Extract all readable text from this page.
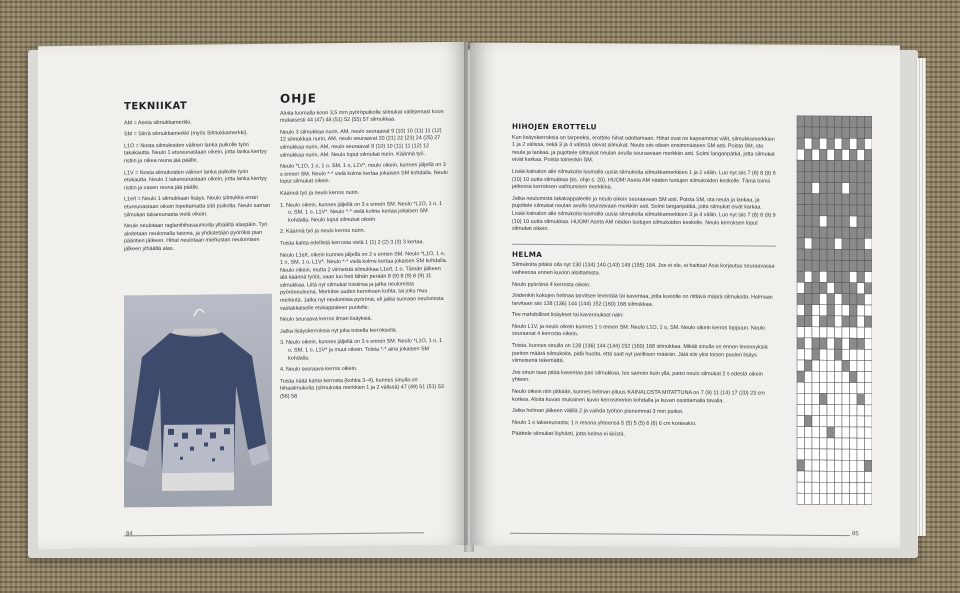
TEKNIIKAT

AM = Aseta silmukkamerkki.

SM = Siirrä silmukkamerkki (myös Silmukkamerkki).

L1O = Nosta silmukoiden välinen lanka puikolle työn takakautta. Neulo 1 etureunastaan oikein, jotta lanka kiertyy ristiin ja oikea reuna jää päälle.

L1V = Nosta silmukoiden välinen lanka puikolle työn etukautta. Neulo 1 takareunastaan oikein, jotta lanka kiertyy ristiin ja vasen reuna jää päälle.

L1e/t = Neulo 1 silmukkaan lisäys. Neulo silmukka ensin etureunastaan oikein lopettamatta sitä puikolta. Neulo saman silmukan takareunasta vielä oikein.

Neule neulotaan raglanihihasaumoilla ylhäältä alaspäin. Työ aloitetaan neulomalla tasona, ja yhdistetään pyöröksi pian pääntien jälkeen. Hihat neulotaan miehustan neulomisen jälkeen ylhäältä alas.

OHJE

Aloita luomalla koon 3,5 mm pyöröpuikolle silmukat valitsemasi koon mukaisesti 44 (47) 48 (51) 52 (55) 57 silmukkaa.

Neulo 3 silmukkaa nurin, AM, neulo seuraavat 9 (10) 10 (11) 11 (12) 12 silmukkaa nurin, AM, neulo seuraavat 20 (21) 22 (23) 24 (25) 27 silmukkaa nurin, AM, neulo seuraavat 9 (10) 10 (11) 11 (12) 12 silmukkaa nurin, AM. Neulo loput silmukat nurin. Käännä työ.

Neulo *L1O, 1 o, 1 o, SM, 1 o, L1V*, neulo oikein, kunnes jäljellä on 3 s ennen SM. Neulo *-* vielä kolme kertaa jokaisen SM kohdalla. Neulo loput silmukat oikein.

Käännä työ ja neulo kerros nurin.

1. Neulo oikein, kunnes jäljellä on 3 s ennen SM. Neulo *L1O, 1 o, 1 o, SM, 1 o, L1V*. Neulo *-* vielä kolme kertaa jokaisen SM kohdalla. Neulo loput silmukat oikein.

2. Käännä työ ja neulo kerros nurin.

Toista kahta edellistä kerrosta vielä 1 (1) 2 (2) 3 (3) 3 kertaa.

Neulo L1e/t, oikein kunnes jäljellä on 2 s ennen SM. Neulo *L1O, 1 o, 1 o, SM, 1 o, L1V*. Neulo *-* vielä kolme kertaa jokaisen SM kohdalla. Neulo oikein, mutta 2 viimeistä silmukkaa L1e/t, 1 o. Tämän jälkeen älä käännä työtä, vaan luo heti tähän perään 8 (9) 8 (9) 8 (9) 11 silmukkaa. Liitä nyt silmukat toisiinsa ja jatka neulomista pyöröneuleena. Merkitse uuden kerroksen kohta, tai joku muu merkintä. Jatka nyt neulomista pyörönä, eli jatka suoraan neulomista vastakkaiselle etukappaleen puolelle.

Neulo seuraava kerros ilman lisäyksiä.

Jatka lisäyskerroksia nyt joka toisella kerroksella.

3. Neulo oikein, kunnes jäljellä on 3 s ennen SM. Neulo *L1O, 1 o, 1 o, SM, 1 o, L1V* ja muut oikein. Toista *-* aina jokaisen SM kohdalla.

4. Neulo seuraava kerros oikein.

Toista näitä kahta kerrosta (kohtia 3–4), kunnes sinulla on hihasilmukoita (silmukoita merkkien 1 ja 2 välissä) 47 (49) 51 (51) 53 (56) 58

84
HIHOJEN EROTTELU

Kun lisäyskerroksia on tarpeeksi, erottele hihat odottamaan. Hihat ovat ne kapeammat välit, silmukkamerkkien 1 ja 2 välissä, sekä 3 ja 4 välissä olevat silmukat. Neulo siis oikein ensimmäiseen SM asti. Poista SM, ota neula ja lankaa, ja pujottele silmukat neulan avulla seuraavaan merkkiin asti. Solmi langanpätkä, jotta silmukat eivät karkaa. Poista toinenkin SM.

Lisää kainalon alle silmukoita luomalla uusia silmukoita silmukkamerkkien 1 ja 2 väliin. Luo nyt siis 7 (8) 8 (9) 9 (10) 10 uutta silmukkaa (ks. ohje s. 20). HUOM! Aseta AM näiden luotujen silmukoiden keskelle. Tämä toimii jatkossa kerroksen vaihtumisen merkkinä.

Jatka neulomista takakappaleelle ja neulo oikein seuraavaan SM asti. Poista SM, ota neula ja lankaa, ja pujottele silmukat neulan avulla seuraavaan merkkiin asti. Solmi langanpätkä, jotta silmukat eivät karkaa. Lisää kainalon alle silmukoita luomalla uusia silmukoita silmukkamerkkien 3 ja 4 väliin. Luo nyt siis 7 (8) 8 (9) 9 (10) 10 uutta silmukkaa. HUOM! Aseta AM näiden luotujen silmukoiden keskelle. Neulo kerroksen loput silmukat oikein.

HELMA

Silmukoita pitäisi olla nyt 130 (134) 140 (143) 149 (155) 164. Jos ei ole, ei haittaa! Asia korjautuu seuraavassa vaiheessa ennen kuvion aloittamista.

Neulo pyöröinä 4 kerrosta oikein.

Joidenkin kokojen helmaa tarvitsee leventää tai kaventaa, jotta kuviolle on riittävä määrä silmukoita. Helmaan tarvitaan siis 128 (136) 144 (144) 152 (160) 168 silmukkaa.

Tee mahdolliset lisäykset tai kavennukset näin:

Neulo L1V, ja neulo oikein kunnes 1 s ennen SM. Neulo L1O, 1 o, SM. Neulo oikein kerros loppuun. Neulo seuraavat 4 kerrosta oikein.

Toista, kunnes sinulla on 128 (136) 144 (144) 152 (160) 168 silmukkaa. Mikäli sinulla on ennen levennyksiä pariton määrä silmukoita, pidä huolta, että saat nyt parillisen määrän. Jätä siis yksi toisen puolen lisäys viimeisenä tekemättä.

Jos sinun taas pitää kaventaa pari silmukkaa, tee samoin kuin yllä, paitsi neulo silmukat 2 s edestä oikein yhteen.

Neulo oikein niin pitkään, kunnes helman pituus KAINALOSTA MITATTUNA on 7 (9) 11 (14) 17 (20) 23 cm korkea. Aloita kuvan mukainen kuvio kerrosmerkin kohdalla ja kuvan osoittamalla tavalla.

Jatka helman jälkeen välillä 2 ja vaihda työhön pienemmät 3 mm puikot.

Neulo 1 o takareunasta; 1 n resoria yhteensä 5 (5) 5 (5) 6 (6) 6 cm korkeaksi.

Päättele silmukat löyhästi, jotta helma ei kiristä.

85
